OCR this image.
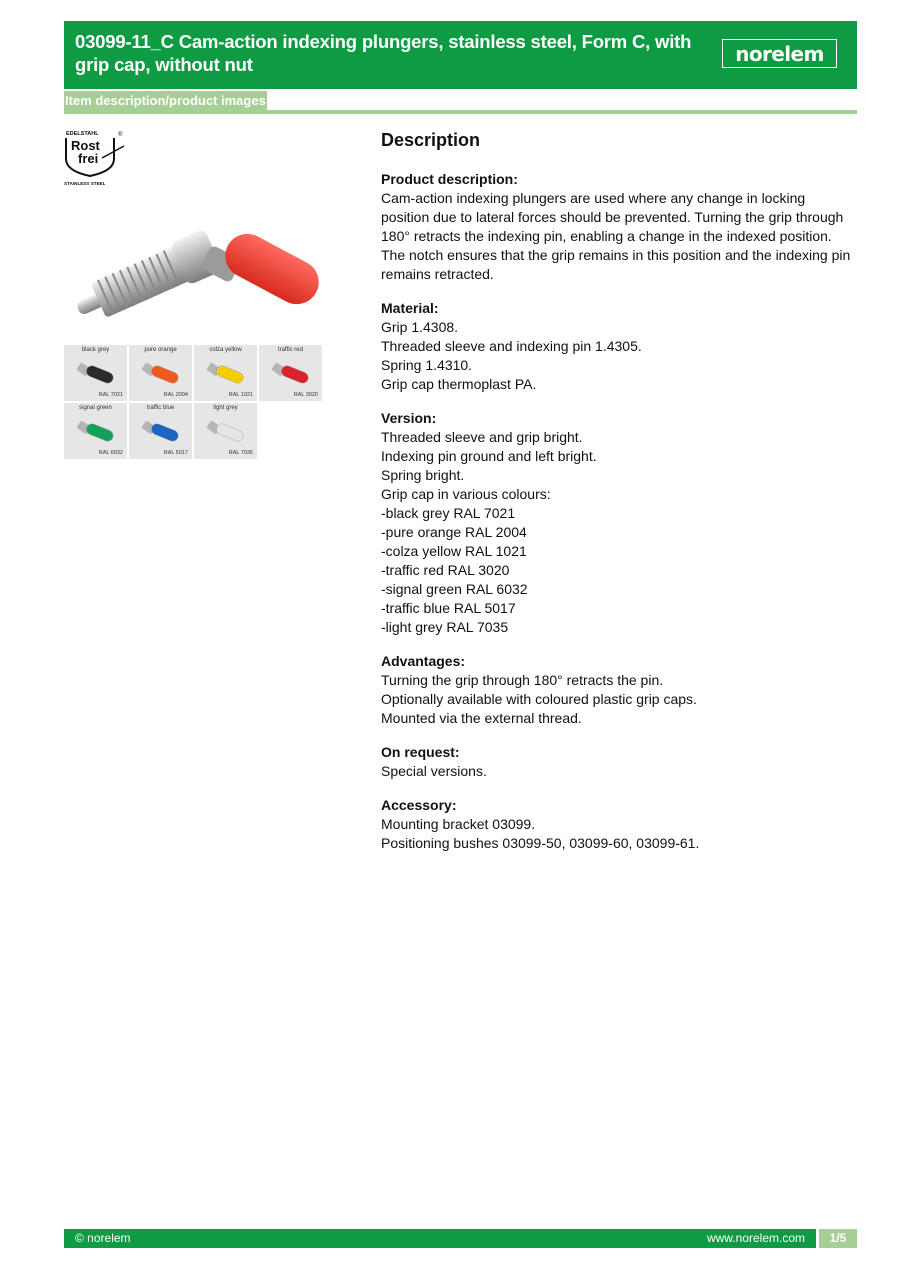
03099-11_C Cam-action indexing plungers, stainless steel, Form C, with grip cap, without nut	norelem
Item description/product images
EDELSTAHL	®
Rost
frei
STAINLESS STEEL
black grey
RAL 7021
pure orange
RAL 2004
colza yellow
RAL 1021
traffic red
RAL 3020
signal green
RAL 6032
traffic blue
RAL 5017
light grey
RAL 7035
Description
Product description:
Cam-action indexing plungers are used where any change in locking position due to lateral forces should be prevented. Turning the grip through 180° retracts the indexing pin, enabling a change in the indexed position. The notch ensures that the grip remains in this position and the indexing pin remains retracted.
Material:
Grip 1.4308.
Threaded sleeve and indexing pin 1.4305.
Spring 1.4310.
Grip cap thermoplast PA.
Version:
Threaded sleeve and grip bright.
Indexing pin ground and left bright.
Spring bright.
Grip cap in various colours:
-black grey RAL 7021
-pure orange RAL 2004
-colza yellow RAL 1021
-traffic red RAL 3020
-signal green RAL 6032
-traffic blue RAL 5017
-light grey RAL 7035
Advantages:
Turning the grip through 180° retracts the pin.
Optionally available with coloured plastic grip caps.
Mounted via the external thread.
On request:
Special versions.
Accessory:
Mounting bracket 03099.
Positioning bushes 03099-50, 03099-60, 03099-61.
© norelem	www.norelem.com	1/5
